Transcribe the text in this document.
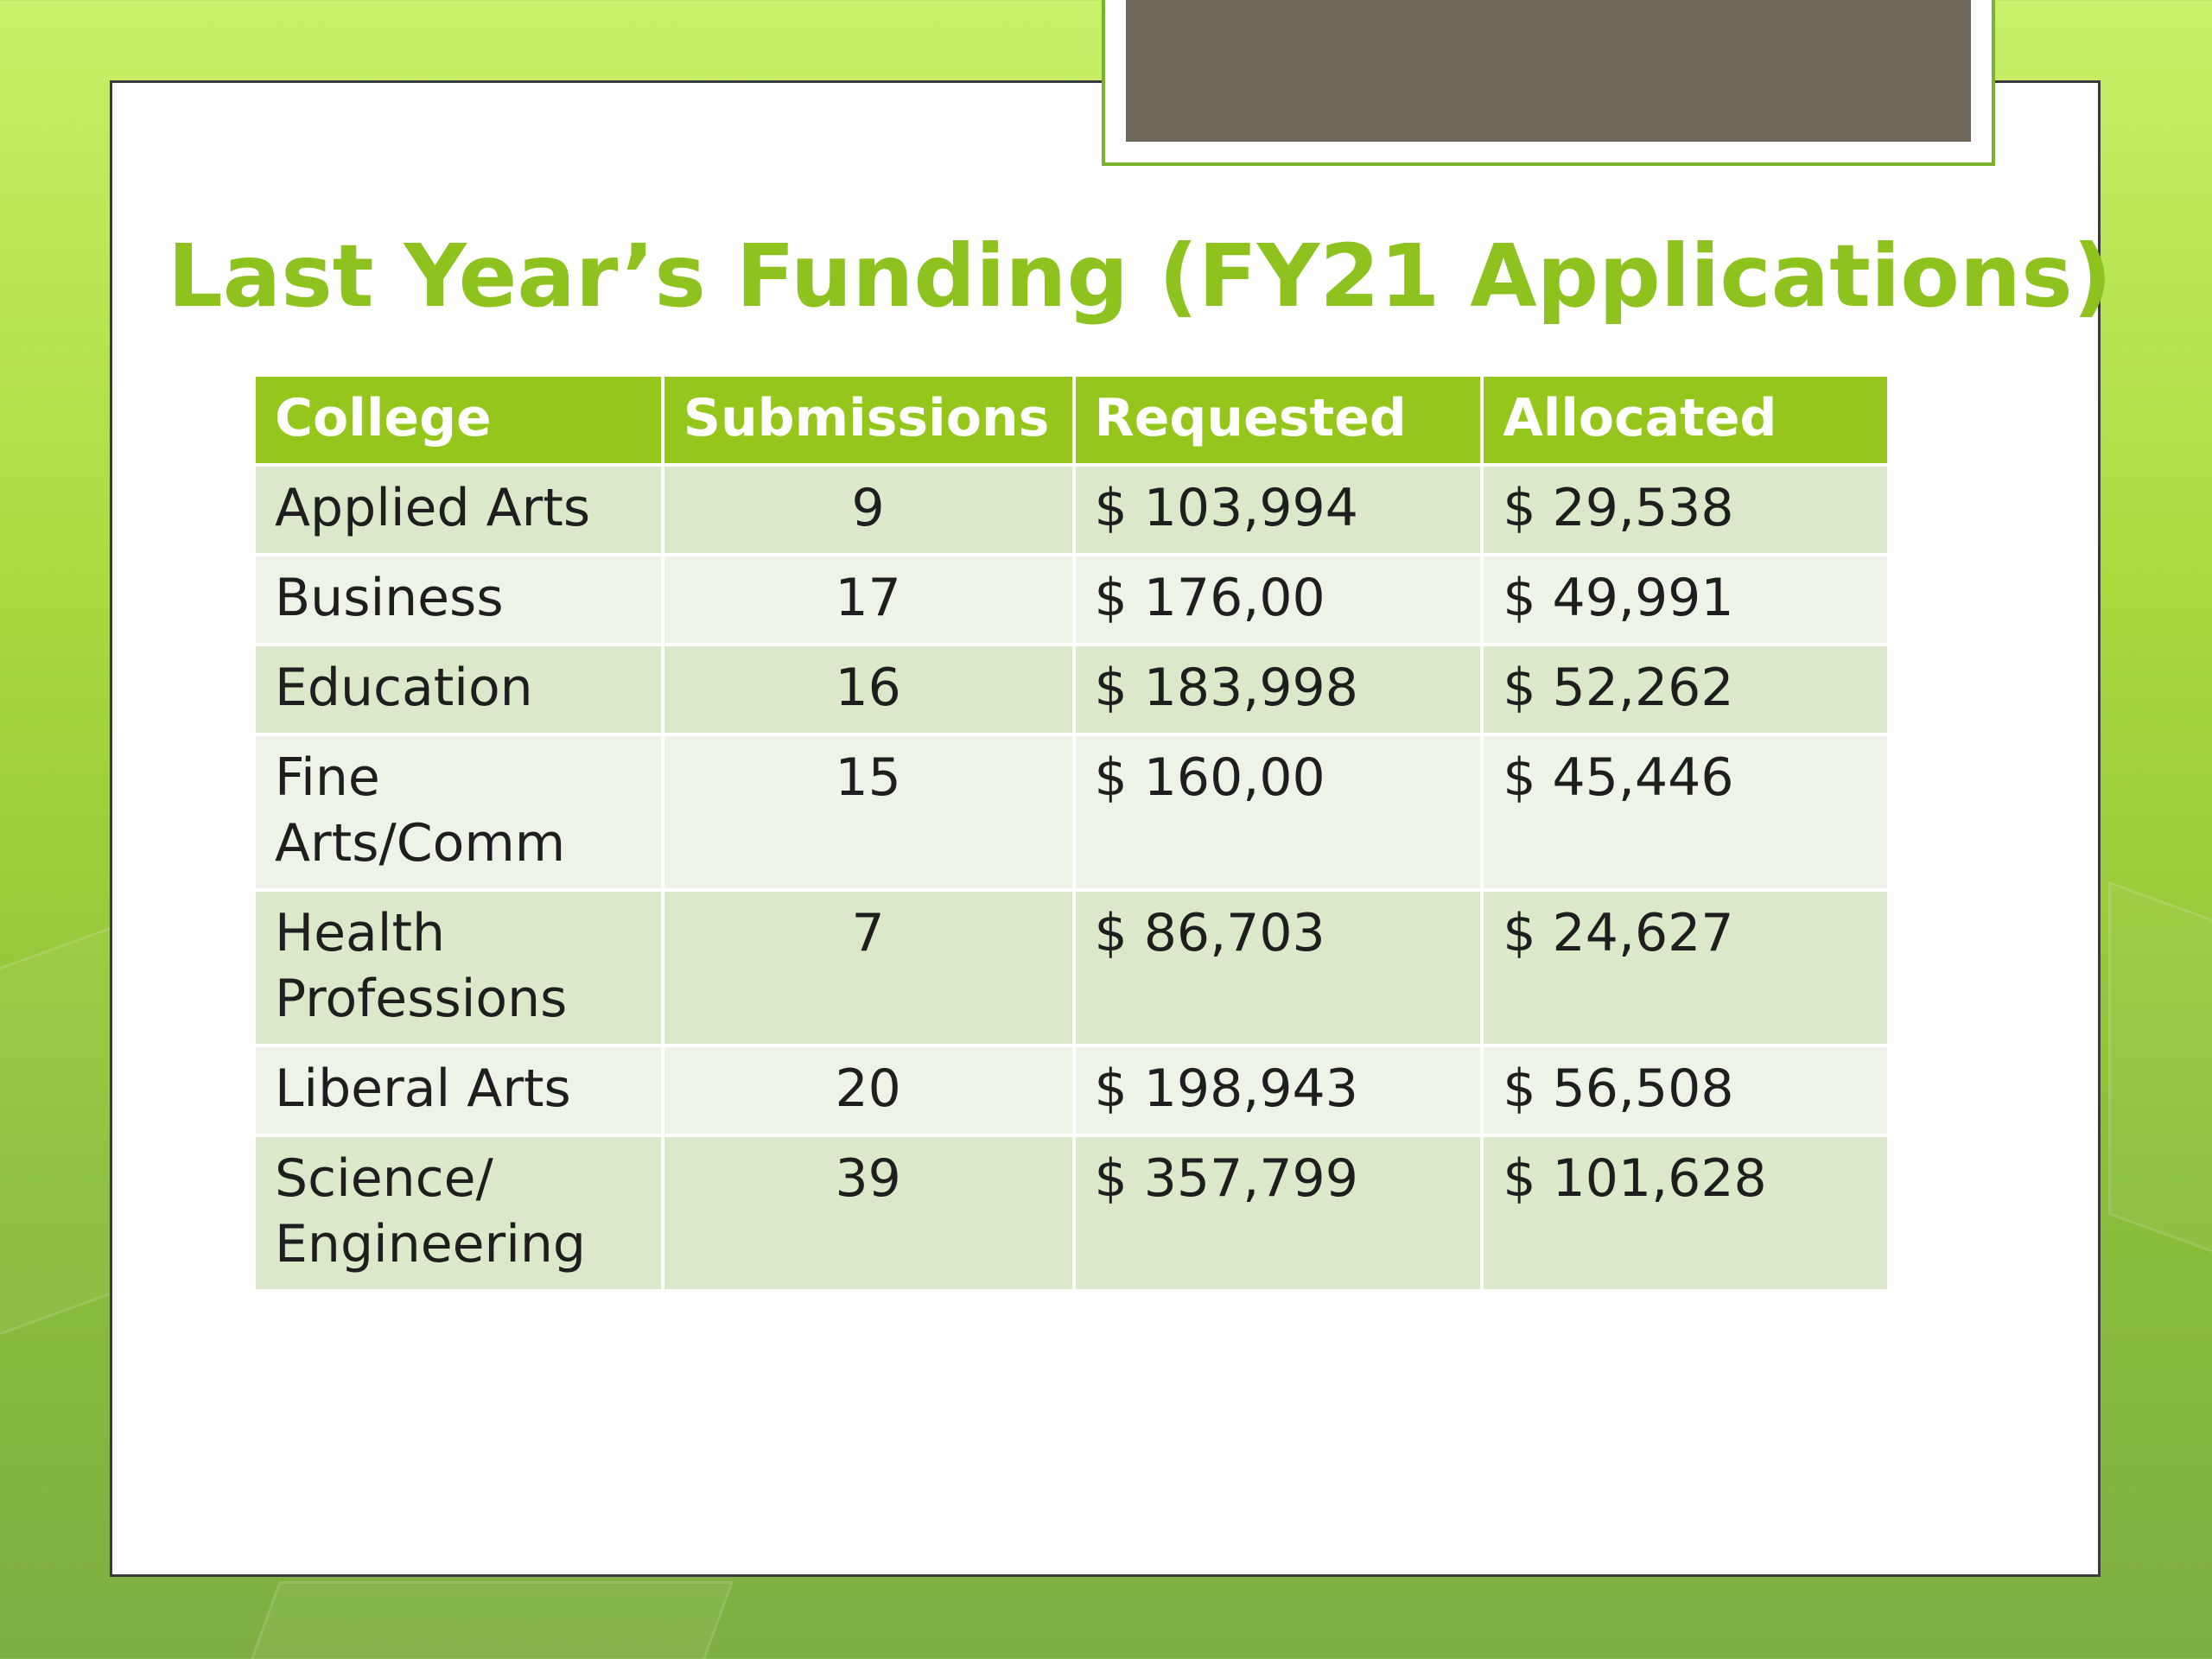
Last Year’s Funding (FY21 Applications)
College	Submissions	Requested	Allocated
Applied Arts	9	$ 103,994	$ 29,538
Business	17	$ 176,00	$ 49,991
Education	16	$ 183,998	$ 52,262
Fine Arts/Comm	15	$ 160,00	$ 45,446
Health Professions	7	$ 86,703	$ 24,627
Liberal Arts	20	$ 198,943	$ 56,508
Science/ Engineering	39	$ 357,799	$ 101,628
